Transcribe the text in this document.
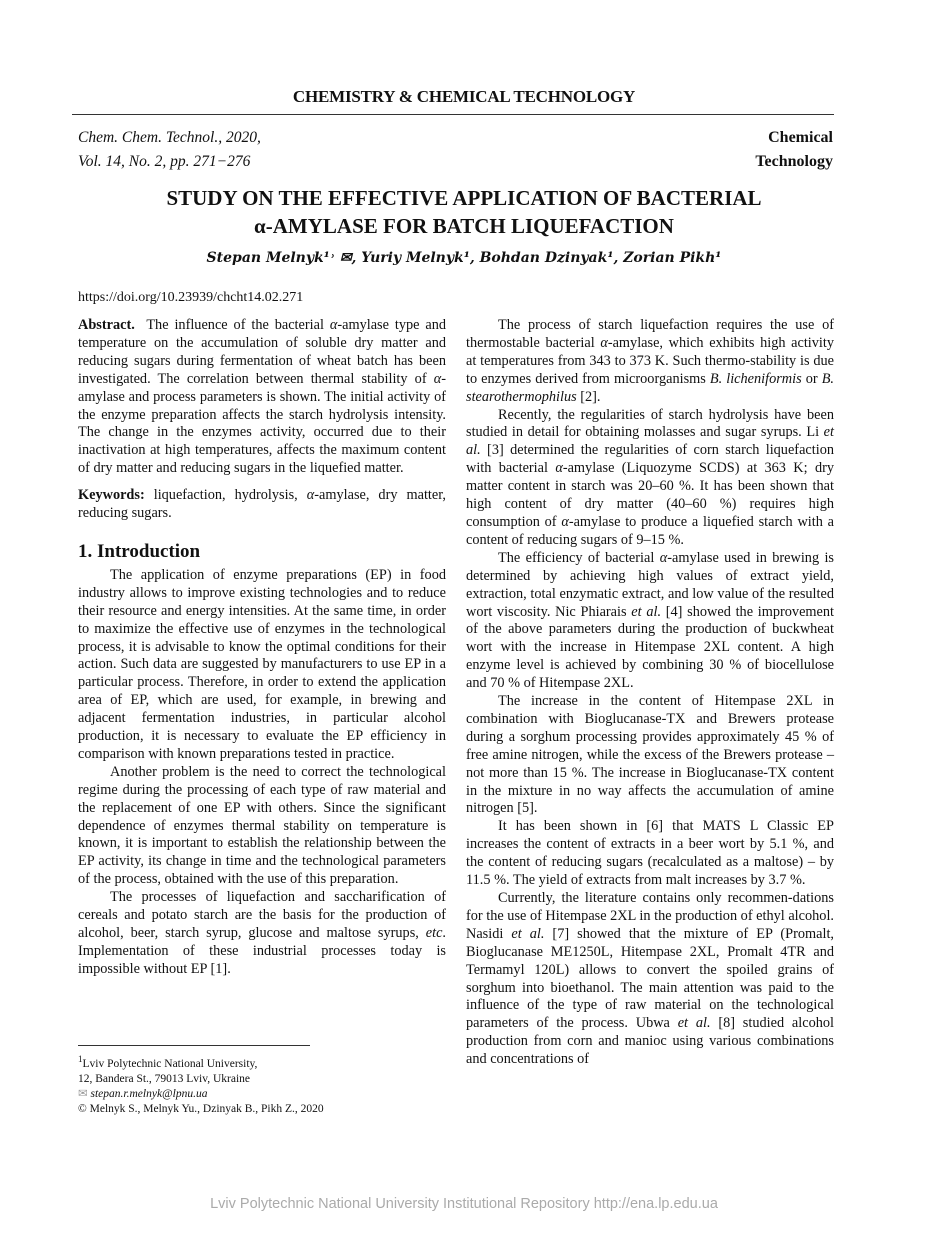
CHEMISTRY & CHEMICAL TECHNOLOGY
Chem. Chem. Technol., 2020,
Vol. 14, No. 2, pp. 271−276
Chemical
Technology
STUDY ON THE EFFECTIVE APPLICATION OF BACTERIAL
α-AMYLASE FOR BATCH LIQUEFACTION
Stepan Melnyk¹˒ ✉, Yuriy Melnyk¹, Bohdan Dzinyak¹, Zorian Pikh¹
https://doi.org/10.23939/chcht14.02.271

Abstract. The influence of the bacterial α-amylase type and temperature on the accumulation of soluble dry matter and reducing sugars during fermentation of wheat batch has been investigated. The correlation between thermal stability of α-amylase and process parameters is shown. The initial activity of the enzyme preparation affects the starch hydrolysis intensity. The change in the enzymes activity, occurred due to their inactivation at high temperatures, affects the maximum content of dry matter and reducing sugars in the liquefied matter.

Keywords: liquefaction, hydrolysis, α-amylase, dry matter, reducing sugars.

1. Introduction

The application of enzyme preparations (EP) in food industry allows to improve existing technologies and to reduce their resource and energy intensities. At the same time, in order to maximize the effective use of enzymes in the technological process, it is advisable to know the optimal conditions for their action. Such data are suggested by manufacturers to use EP in a particular process. Therefore, in order to extend the application area of EP, which are used, for example, in brewing and adjacent fermentation industries, in particular alcohol production, it is necessary to evaluate the EP efficiency in comparison with known preparations tested in practice.

Another problem is the need to correct the technological regime during the processing of each type of raw material and the replacement of one EP with others. Since the significant dependence of enzymes thermal stability on temperature is known, it is important to establish the relationship between the EP activity, its change in time and the technological parameters of the process, obtained with the use of this preparation.

The processes of liquefaction and saccharification of cereals and potato starch are the basis for the production of alcohol, beer, starch syrup, glucose and maltose syrups, etc. Implementation of these industrial processes today is impossible without EP [1].

The process of starch liquefaction requires the use of thermostable bacterial α-amylase, which exhibits high activity at temperatures from 343 to 373 K. Such thermo-stability is due to enzymes derived from microorganisms B. licheniformis or B. stearothermophilus [2].

Recently, the regularities of starch hydrolysis have been studied in detail for obtaining molasses and sugar syrups. Li et al. [3] determined the regularities of corn starch liquefaction with bacterial α-amylase (Liquozyme SCDS) at 363 K; dry matter content in starch was 20–60 %. It has been shown that high content of dry matter (40–60 %) requires high consumption of α-amylase to produce a liquefied starch with a content of reducing sugars of 9–15 %.

The efficiency of bacterial α-amylase used in brewing is determined by achieving high values of extract yield, extraction, total enzymatic extract, and low value of the resulted wort viscosity. Nic Phiarais et al. [4] showed the improvement of the above parameters during the production of buckwheat wort with the increase in Hitempase 2XL content. A high enzyme level is achieved by combining 30 % of biocellulose and 70 % of Hitempase 2XL.

The increase in the content of Hitempase 2XL in combination with Bioglucanase-TX and Brewers protease during a sorghum processing provides approximately 45 % of free amine nitrogen, while the excess of the Brewers protease – not more than 15 %. The increase in Bioglucanase-TX content in the mixture in no way affects the accumulation of amine nitrogen [5].

It has been shown in [6] that MATS L Classic EP increases the content of extracts in a beer wort by 5.1 %, and the content of reducing sugars (recalculated as a maltose) – by 11.5 %. The yield of extracts from malt increases by 3.7 %.

Currently, the literature contains only recommen-dations for the use of Hitempase 2XL in the production of ethyl alcohol. Nasidi et al. [7] showed that the mixture of EP (Promalt, Bioglucanase ME1250L, Hitempase 2XL, Promalt 4TR and Termamyl 120L) allows to convert the spoiled grains of sorghum into bioethanol. The main attention was paid to the influence of the type of raw material on the technological parameters of the process. Ubwa et al. [8] studied alcohol production from corn and manioc using various combinations and concentrations of

$^1$Lviv Polytechnic National University,
12, Bandera St., 79013 Lviv, Ukraine
✉ stepan.r.melnyk@lpnu.ua
© Melnyk S., Melnyk Yu., Dzinyak B., Pikh Z., 2020
Lviv Polytechnic National University Institutional Repository http://ena.lp.edu.ua
